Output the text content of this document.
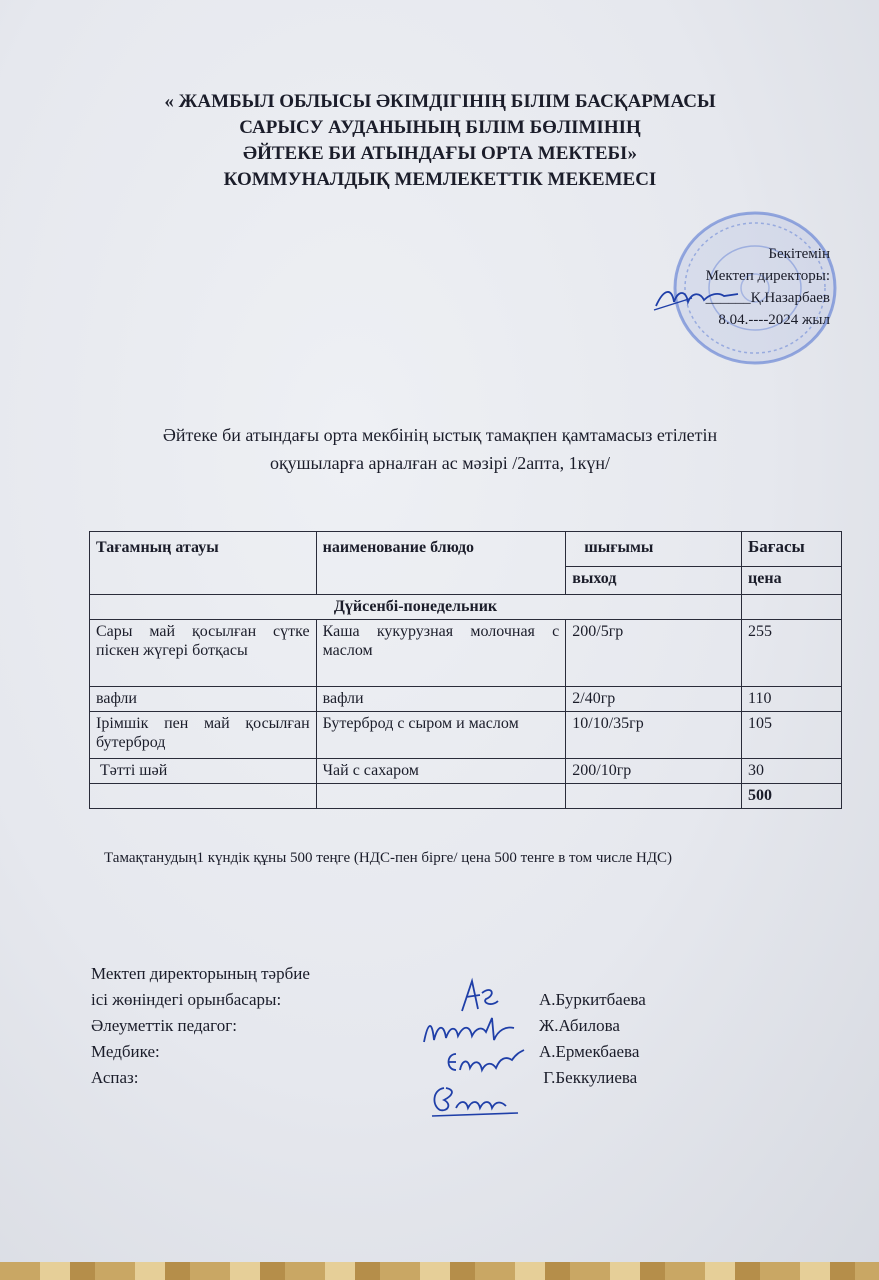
« ЖАМБЫЛ ОБЛЫСЫ ӘКІМДІГІНІҢ БІЛІМ БАСҚАРМАСЫ
САРЫСУ АУДАНЫНЫҢ БІЛІМ БӨЛІМІНІҢ
ӘЙТЕКЕ БИ АТЫНДАҒЫ ОРТА МЕКТЕБІ»
КОММУНАЛДЫҚ МЕМЛЕКЕТТІК МЕКЕМЕСІ
Бекітемін
Мектеп директоры:
______Қ.Назарбаев
8.04.----2024 жыл
Әйтеке би атындағы орта мекбінің ыстық тамақпен қамтамасыз етілетін
оқушыларға арналған ас мәзірі /2апта, 1күн/
Тағамның атауы	наименование блюдо	шығымы	Бағасы
		выход	цена
Дүйсенбі-понедельник			
Сары май қосылған сүтке піскен жүгері ботқасы	Каша кукурузная молочная с маслом	200/5гр	255
вафли	вафли	2/40гр	110
Ірімшік пен май қосылған бутерброд	Бутерброд с сыром и маслом	10/10/35гр	105
Тәтті шәй	Чай с сахаром	200/10гр	30
			500
Тамақтанудың1 күндік құны 500 теңге (НДС-пен бірге/ цена 500 тенге в том числе НДС)
Мектеп директорының тәрбие
ісі жөніндегі орынбасары:	А.Буркитбаева
Әлеуметтік педагог:	Ж.Абилова
Медбике:	А.Ермекбаева
Аспаз:	Г.Беккулиева
